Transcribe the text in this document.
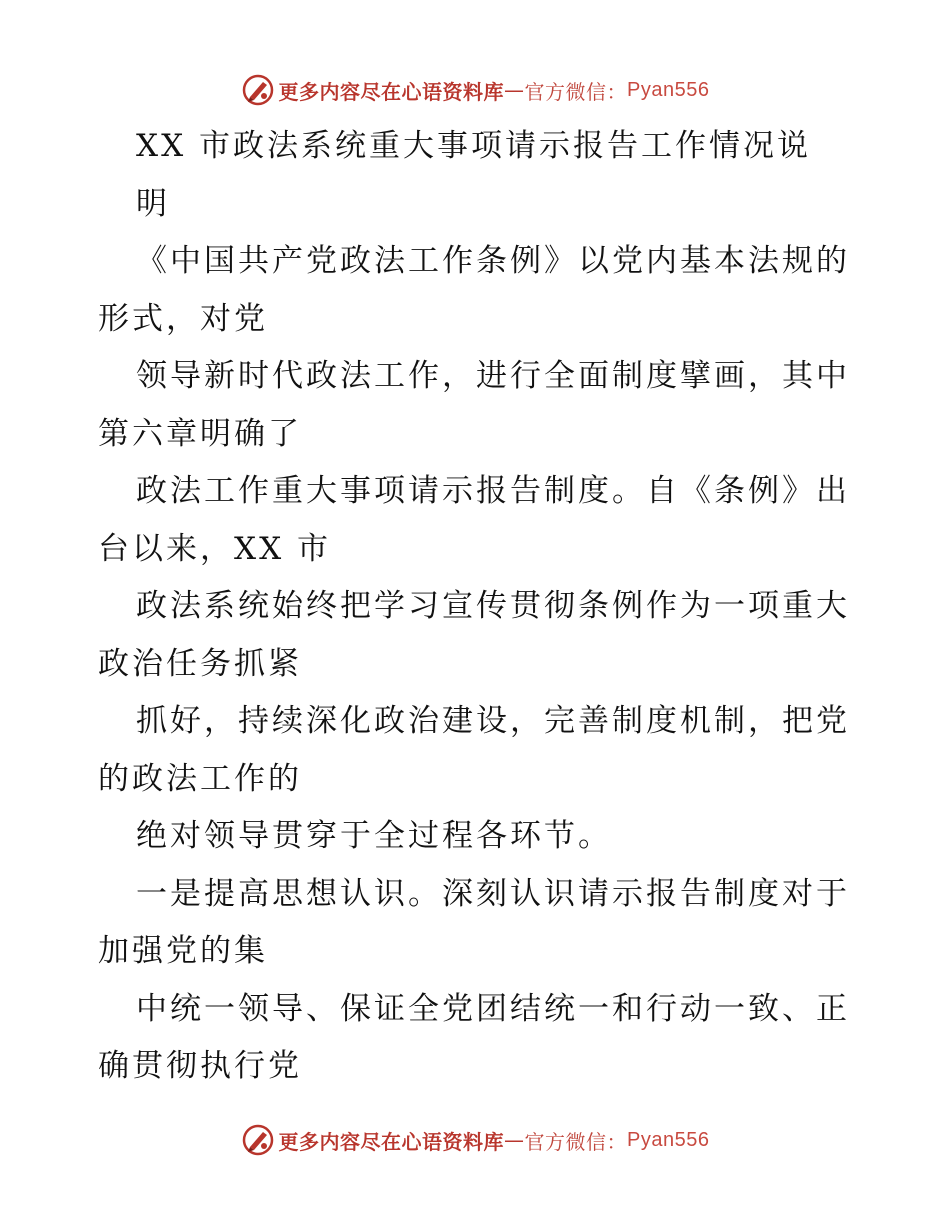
更多内容尽在心语资料库 — 官方微信： Pyan556
XX 市政法系统重大事项请示报告工作情况说
明
《中国共产党政法工作条例》以党内基本法规的
形式，对党
领导新时代政法工作，进行全面制度擘画，其中
第六章明确了
政法工作重大事项请示报告制度。自《条例》出
台以来，XX 市
政法系统始终把学习宣传贯彻条例作为一项重大
政治任务抓紧
抓好，持续深化政治建设，完善制度机制，把党
的政法工作的
绝对领导贯穿于全过程各环节。
一是提高思想认识。深刻认识请示报告制度对于
加强党的集
中统一领导、保证全党团结统一和行动一致、正
确贯彻执行党
更多内容尽在心语资料库 — 官方微信： Pyan556
